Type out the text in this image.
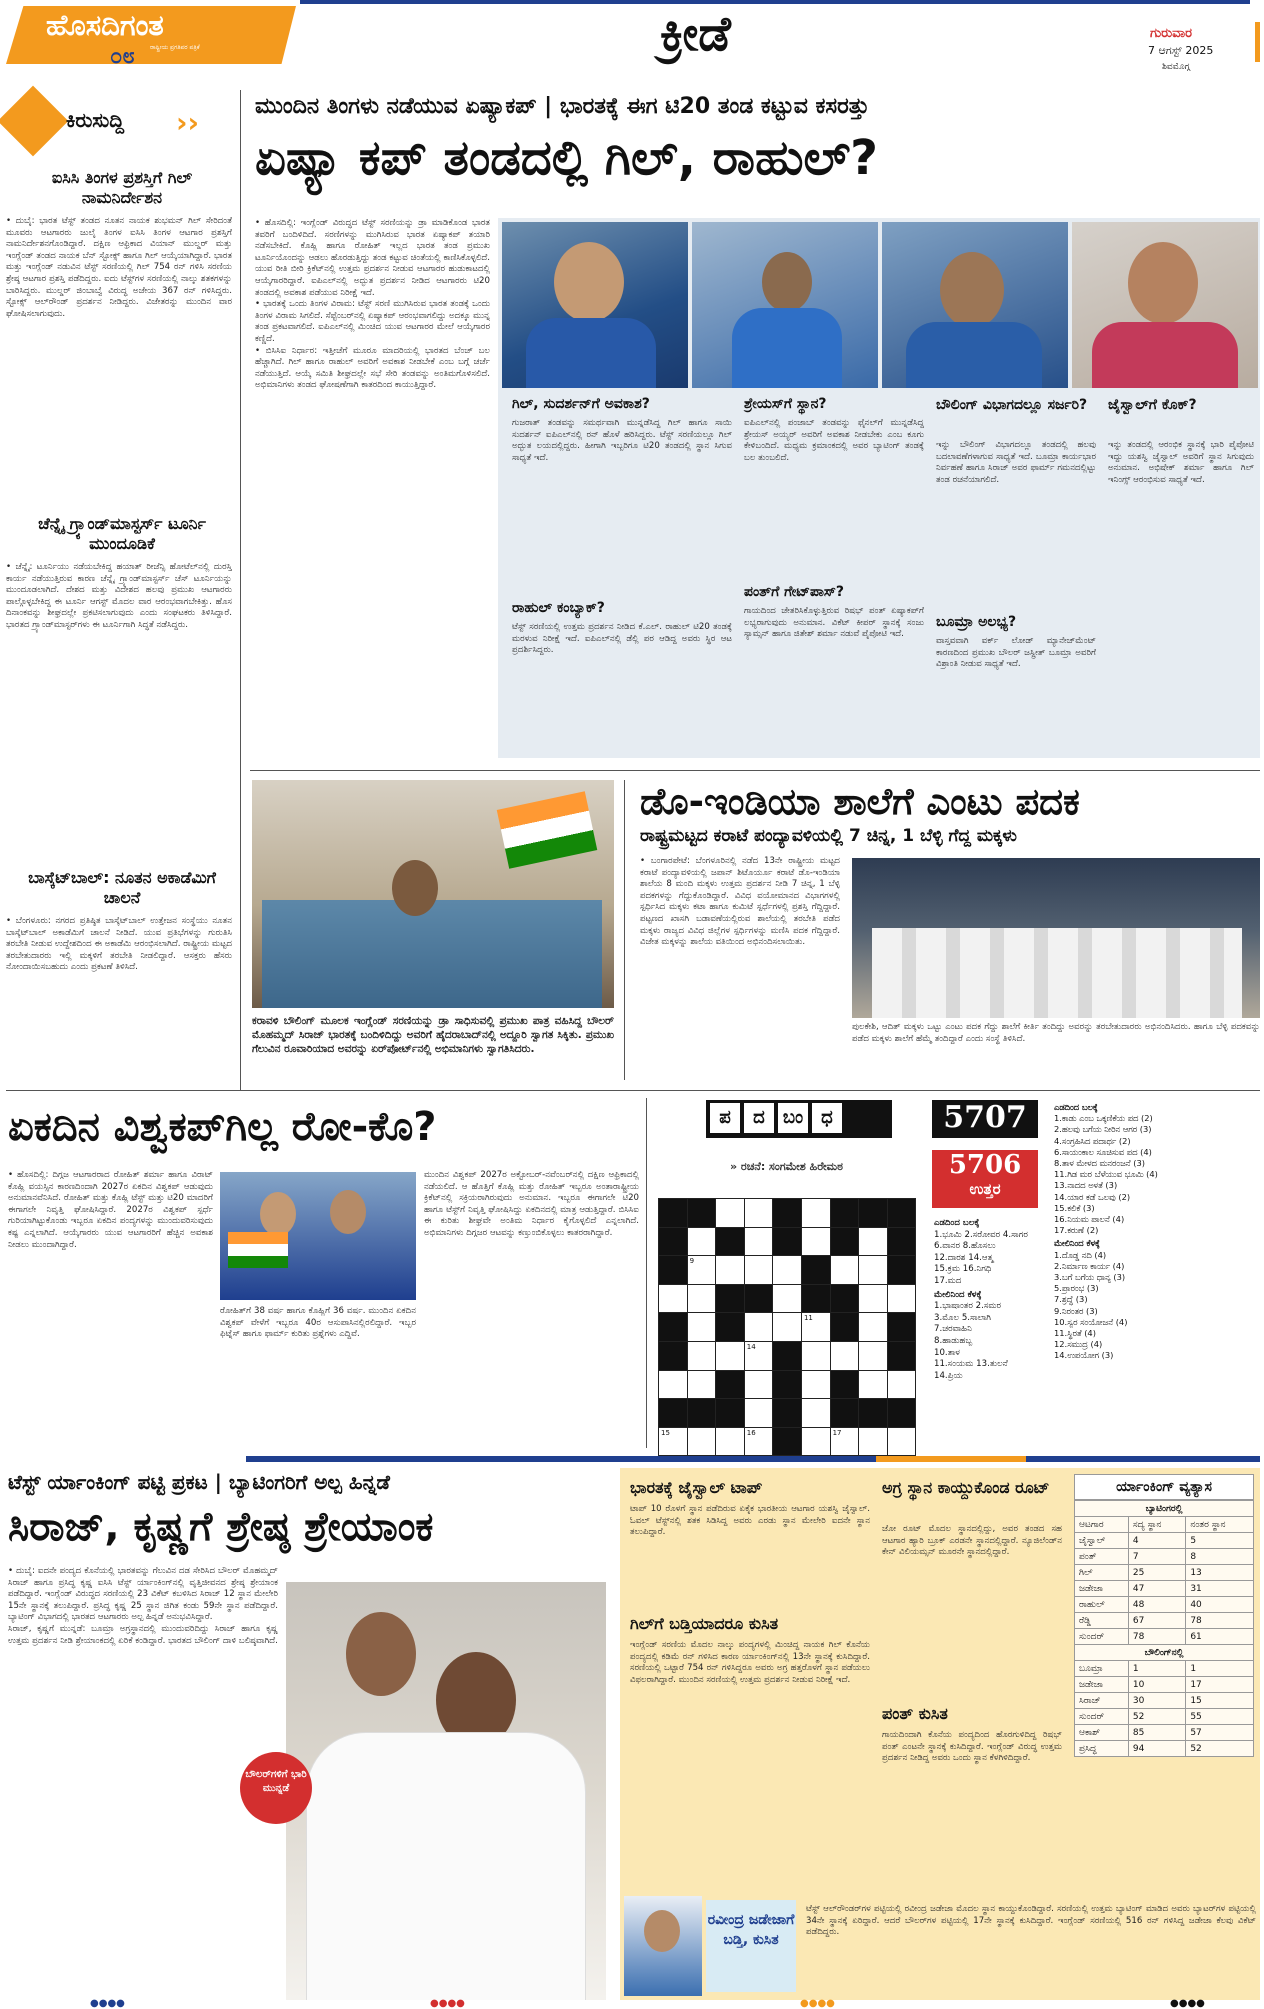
ಹೊಸದಿಗಂತ
ರಾಷ್ಟ್ರೀಯ ಪ್ರಗತಿಪರ ಪತ್ರಿಕೆ
೦೮	ಕ್ರೀಡೆ	ಗುರುವಾರ
7 ಆಗಸ್ಟ್ 2025
ಶಿವಮೊಗ್ಗ
ಕಿರುಸುದ್ದಿ ››
ಐಸಿಸಿ ತಿಂಗಳ ಪ್ರಶಸ್ತಿಗೆ ಗಿಲ್ ನಾಮನಿರ್ದೇಶನ
• ದುಬೈ: ಭಾರತ ಟೆಸ್ಟ್ ತಂಡದ ನೂತನ ನಾಯಕ ಶುಭಮನ್ ಗಿಲ್ ಸೇರಿದಂತೆ ಮೂವರು ಆಟಗಾರರು ಜುಲೈ ತಿಂಗಳ ಐಸಿಸಿ ತಿಂಗಳ ಆಟಗಾರ ಪ್ರಶಸ್ತಿಗೆ ನಾಮನಿರ್ದೇಶನಗೊಂಡಿದ್ದಾರೆ. ದಕ್ಷಿಣ ಆಫ್ರಿಕಾದ ವಿಯಾನ್ ಮುಲ್ಡರ್ ಮತ್ತು ಇಂಗ್ಲೆಂಡ್ ತಂಡದ ನಾಯಕ ಬೆನ್ ಸ್ಟೋಕ್ಸ್ ಹಾಗೂ ಗಿಲ್ ಆಯ್ಕೆಯಾಗಿದ್ದಾರೆ. ಭಾರತ ಮತ್ತು ಇಂಗ್ಲೆಂಡ್ ನಡುವಿನ ಟೆಸ್ಟ್ ಸರಣಿಯಲ್ಲಿ ಗಿಲ್ 754 ರನ್ ಗಳಿಸಿ ಸರಣಿಯ ಶ್ರೇಷ್ಠ ಆಟಗಾರ ಪ್ರಶಸ್ತಿ ಪಡೆದಿದ್ದರು. ಐದು ಟೆಸ್ಟ್‌ಗಳ ಸರಣಿಯಲ್ಲಿ ನಾಲ್ಕು ಶತಕಗಳನ್ನು ಬಾರಿಸಿದ್ದರು. ಮುಲ್ಡರ್ ಜಿಂಬಾಬ್ವೆ ವಿರುದ್ಧ ಅಜೇಯ 367 ರನ್ ಗಳಿಸಿದ್ದರು. ಸ್ಟೋಕ್ಸ್ ಆಲ್‌ರೌಂಡ್ ಪ್ರದರ್ಶನ ನೀಡಿದ್ದರು. ವಿಜೇತರನ್ನು ಮುಂದಿನ ವಾರ ಘೋಷಿಸಲಾಗುವುದು.
ಚೆನ್ನೈ ಗ್ರ್ಯಾಂಡ್‌ಮಾಸ್ಟರ್ಸ್ ಟೂರ್ನಿ ಮುಂದೂಡಿಕೆ
• ಚೆನ್ನೈ: ಟೂರ್ನಿಯು ನಡೆಯಬೇಕಿದ್ದ ಹಯಾತ್ ರೀಜೆನ್ಸಿ ಹೋಟೆಲ್‌ನಲ್ಲಿ ದುರಸ್ತಿ ಕಾರ್ಯ ನಡೆಯುತ್ತಿರುವ ಕಾರಣ ಚೆನ್ನೈ ಗ್ರ್ಯಾಂಡ್‌ಮಾಸ್ಟರ್ಸ್ ಚೆಸ್ ಟೂರ್ನಿಯನ್ನು ಮುಂದೂಡಲಾಗಿದೆ. ದೇಶದ ಮತ್ತು ವಿದೇಶದ ಹಲವು ಪ್ರಮುಖ ಆಟಗಾರರು ಪಾಲ್ಗೊಳ್ಳಬೇಕಿದ್ದ ಈ ಟೂರ್ನಿ ಆಗಸ್ಟ್ ಮೊದಲ ವಾರ ಆರಂಭವಾಗಬೇಕಿತ್ತು. ಹೊಸ ದಿನಾಂಕವನ್ನು ಶೀಘ್ರದಲ್ಲೇ ಪ್ರಕಟಿಸಲಾಗುವುದು ಎಂದು ಸಂಘಟಕರು ತಿಳಿಸಿದ್ದಾರೆ. ಭಾರತದ ಗ್ರ್ಯಾಂಡ್‌ಮಾಸ್ಟರ್‌ಗಳು ಈ ಟೂರ್ನಿಗಾಗಿ ಸಿದ್ಧತೆ ನಡೆಸಿದ್ದರು.
ಬಾಸ್ಕೆಟ್‌ಬಾಲ್: ನೂತನ ಅಕಾಡೆಮಿಗೆ ಚಾಲನೆ
• ಬೆಂಗಳೂರು: ನಗರದ ಪ್ರತಿಷ್ಠಿತ ಬಾಸ್ಕೆಟ್‌ಬಾಲ್ ಉತ್ತೇಜನ ಸಂಸ್ಥೆಯು ನೂತನ ಬಾಸ್ಕೆಟ್‌ಬಾಲ್ ಅಕಾಡೆಮಿಗೆ ಚಾಲನೆ ನೀಡಿದೆ. ಯುವ ಪ್ರತಿಭೆಗಳನ್ನು ಗುರುತಿಸಿ ತರಬೇತಿ ನೀಡುವ ಉದ್ದೇಶದಿಂದ ಈ ಅಕಾಡೆಮಿ ಆರಂಭಿಸಲಾಗಿದೆ. ರಾಷ್ಟ್ರೀಯ ಮಟ್ಟದ ತರಬೇತುದಾರರು ಇಲ್ಲಿ ಮಕ್ಕಳಿಗೆ ತರಬೇತಿ ನೀಡಲಿದ್ದಾರೆ. ಆಸಕ್ತರು ಹೆಸರು ನೋಂದಾಯಿಸಬಹುದು ಎಂದು ಪ್ರಕಟಣೆ ತಿಳಿಸಿದೆ.
ಮುಂದಿನ ತಿಂಗಳು ನಡೆಯುವ ಏಷ್ಯಾಕಪ್ | ಭಾರತಕ್ಕೆ ಈಗ ಟಿ20 ತಂಡ ಕಟ್ಟುವ ಕಸರತ್ತು
ಏಷ್ಯಾ ಕಪ್ ತಂಡದಲ್ಲಿ ಗಿಲ್, ರಾಹುಲ್?
• ಹೊಸದಿಲ್ಲಿ: ಇಂಗ್ಲೆಂಡ್ ವಿರುದ್ಧದ ಟೆಸ್ಟ್ ಸರಣಿಯನ್ನು ಡ್ರಾ ಮಾಡಿಕೊಂಡ ಭಾರತ ತವರಿಗೆ ಬಂದಿಳಿದಿದೆ. ಸರಣಿಗಳನ್ನು ಮುಗಿಸಿರುವ ಭಾರತ ಏಷ್ಯಾಕಪ್ ತಯಾರಿ ನಡೆಸಬೇಕಿದೆ. ಕೊಹ್ಲಿ ಹಾಗೂ ರೋಹಿತ್ ಇಲ್ಲದ ಭಾರತ ತಂಡ ಪ್ರಮುಖ ಟೂರ್ನಿಯೊಂದನ್ನು ಆಡಲು ಹೊರಡುತ್ತಿದ್ದು ತಂಡ ಕಟ್ಟುವ ಚಿಂತೆಯಲ್ಲಿ ಕಾಣಿಸಿಕೊಳ್ಳಲಿದೆ. ಯುವ ರೀತಿ ಬೀರಿ ಕ್ರಿಕೆಟ್‌ನಲ್ಲಿ ಉತ್ತಮ ಪ್ರದರ್ಶನ ನೀಡುವ ಆಟಗಾರರ ಹುಡುಕಾಟದಲ್ಲಿ ಆಯ್ಕೆಗಾರರಿದ್ದಾರೆ. ಐಪಿಎಲ್‌ನಲ್ಲಿ ಅದ್ಭುತ ಪ್ರದರ್ಶನ ನೀಡಿದ ಆಟಗಾರರು ಟಿ20 ತಂಡದಲ್ಲಿ ಅವಕಾಶ ಪಡೆಯುವ ನಿರೀಕ್ಷೆ ಇದೆ.
• ಭಾರತಕ್ಕೆ ಒಂದು ತಿಂಗಳ ವಿರಾಮ: ಟೆಸ್ಟ್ ಸರಣಿ ಮುಗಿಸಿರುವ ಭಾರತ ತಂಡಕ್ಕೆ ಒಂದು ತಿಂಗಳ ವಿರಾಮ ಸಿಗಲಿದೆ. ಸೆಪ್ಟೆಂಬರ್‌ನಲ್ಲಿ ಏಷ್ಯಾಕಪ್ ಆರಂಭವಾಗಲಿದ್ದು ಅದಕ್ಕೂ ಮುನ್ನ ತಂಡ ಪ್ರಕಟವಾಗಲಿದೆ. ಐಪಿಎಲ್‌ನಲ್ಲಿ ಮಿಂಚಿದ ಯುವ ಆಟಗಾರರ ಮೇಲೆ ಆಯ್ಕೆಗಾರರ ಕಣ್ಣಿದೆ.
• ಬಿಸಿಸಿಐ ನಿರ್ಧಾರ: ಇತ್ತೀಚೆಗೆ ಮೂರೂ ಮಾದರಿಯಲ್ಲಿ ಭಾರತದ ಬೆಂಚ್ ಬಲ ಹೆಚ್ಚಾಗಿದೆ. ಗಿಲ್ ಹಾಗೂ ರಾಹುಲ್ ಅವರಿಗೆ ಅವಕಾಶ ನೀಡಬೇಕೆ ಎಂಬ ಬಗ್ಗೆ ಚರ್ಚೆ ನಡೆಯುತ್ತಿದೆ. ಆಯ್ಕೆ ಸಮಿತಿ ಶೀಘ್ರದಲ್ಲೇ ಸಭೆ ಸೇರಿ ತಂಡವನ್ನು ಅಂತಿಮಗೊಳಿಸಲಿದೆ. ಅಭಿಮಾನಿಗಳು ತಂಡದ ಘೋಷಣೆಗಾಗಿ ಕಾತರದಿಂದ ಕಾಯುತ್ತಿದ್ದಾರೆ.
ಗಿಲ್, ಸುದರ್ಶನ್‌ಗೆ ಅವಕಾಶ?
ಗುಜರಾತ್ ತಂಡವನ್ನು ಸಮರ್ಥವಾಗಿ ಮುನ್ನಡೆಸಿದ್ದ ಗಿಲ್ ಹಾಗೂ ಸಾಯಿ ಸುದರ್ಶನ್ ಐಪಿಎಲ್‌ನಲ್ಲಿ ರನ್ ಹೊಳೆ ಹರಿಸಿದ್ದರು. ಟೆಸ್ಟ್ ಸರಣಿಯಲ್ಲೂ ಗಿಲ್ ಅದ್ಭುತ ಲಯದಲ್ಲಿದ್ದರು. ಹೀಗಾಗಿ ಇಬ್ಬರಿಗೂ ಟಿ20 ತಂಡದಲ್ಲಿ ಸ್ಥಾನ ಸಿಗುವ ಸಾಧ್ಯತೆ ಇದೆ.
ರಾಹುಲ್ ಕಂಬ್ಯಾಕ್?
ಟೆಸ್ಟ್ ಸರಣಿಯಲ್ಲಿ ಉತ್ತಮ ಪ್ರದರ್ಶನ ನೀಡಿದ ಕೆ.ಎಲ್. ರಾಹುಲ್ ಟಿ20 ತಂಡಕ್ಕೆ ಮರಳುವ ನಿರೀಕ್ಷೆ ಇದೆ. ಐಪಿಎಲ್‌ನಲ್ಲಿ ಡೆಲ್ಲಿ ಪರ ಆಡಿದ್ದ ಅವರು ಸ್ಥಿರ ಆಟ ಪ್ರದರ್ಶಿಸಿದ್ದರು.
ಶ್ರೇಯಸ್‌ಗೆ ಸ್ಥಾನ?
ಐಪಿಎಲ್‌ನಲ್ಲಿ ಪಂಜಾಬ್ ತಂಡವನ್ನು ಫೈನಲ್‌ಗೆ ಮುನ್ನಡೆಸಿದ್ದ ಶ್ರೇಯಸ್ ಅಯ್ಯರ್ ಅವರಿಗೆ ಅವಕಾಶ ನೀಡಬೇಕು ಎಂಬ ಕೂಗು ಕೇಳಿಬಂದಿದೆ. ಮಧ್ಯಮ ಕ್ರಮಾಂಕದಲ್ಲಿ ಅವರ ಬ್ಯಾಟಿಂಗ್ ತಂಡಕ್ಕೆ ಬಲ ತುಂಬಲಿದೆ.
ಪಂತ್‌ಗೆ ಗೇಟ್‌ಪಾಸ್?
ಗಾಯದಿಂದ ಚೇತರಿಸಿಕೊಳ್ಳುತ್ತಿರುವ ರಿಷಭ್ ಪಂತ್ ಏಷ್ಯಾಕಪ್‌ಗೆ ಲಭ್ಯರಾಗುವುದು ಅನುಮಾನ. ವಿಕೆಟ್ ಕೀಪರ್ ಸ್ಥಾನಕ್ಕೆ ಸಂಜು ಸ್ಯಾಮ್ಸನ್ ಹಾಗೂ ಜಿತೇಶ್ ಶರ್ಮಾ ನಡುವೆ ಪೈಪೋಟಿ ಇದೆ.
ಬೌಲಿಂಗ್ ವಿಭಾಗದಲ್ಲೂ ಸರ್ಜರಿ?
ಇನ್ನು ಬೌಲಿಂಗ್ ವಿಭಾಗದಲ್ಲೂ ತಂಡದಲ್ಲಿ ಹಲವು ಬದಲಾವಣೆಗಳಾಗುವ ಸಾಧ್ಯತೆ ಇದೆ. ಬೂಮ್ರಾ ಕಾರ್ಯಭಾರ ನಿರ್ವಹಣೆ ಹಾಗೂ ಸಿರಾಜ್ ಅವರ ಫಾರ್ಮ್ ಗಮನದಲ್ಲಿಟ್ಟು ತಂಡ ರಚನೆಯಾಗಲಿದೆ.
ಬೂಮ್ರಾ ಅಲಭ್ಯ?
ವಾಸ್ತವವಾಗಿ ವರ್ಕ್ ಲೋಡ್ ಮ್ಯಾನೇಜ್‌ಮೆಂಟ್ ಕಾರಣದಿಂದ ಪ್ರಮುಖ ಬೌಲರ್ ಜಸ್ಪ್ರೀತ್ ಬೂಮ್ರಾ ಅವರಿಗೆ ವಿಶ್ರಾಂತಿ ನೀಡುವ ಸಾಧ್ಯತೆ ಇದೆ.
ಜೈಸ್ವಾಲ್‌ಗೆ ಕೊಕ್?
ಇನ್ನು ತಂಡದಲ್ಲಿ ಆರಂಭಿಕ ಸ್ಥಾನಕ್ಕೆ ಭಾರಿ ಪೈಪೋಟಿ ಇದ್ದು ಯಶಸ್ವಿ ಜೈಸ್ವಾಲ್ ಅವರಿಗೆ ಸ್ಥಾನ ಸಿಗುವುದು ಅನುಮಾನ. ಅಭಿಷೇಕ್ ಶರ್ಮಾ ಹಾಗೂ ಗಿಲ್ ಇನಿಂಗ್ಸ್ ಆರಂಭಿಸುವ ಸಾಧ್ಯತೆ ಇದೆ.
ಕರಾವಳಿ ಬೌಲಿಂಗ್ ಮೂಲಕ ಇಂಗ್ಲೆಂಡ್ ಸರಣಿಯನ್ನು ಡ್ರಾ ಸಾಧಿಸುವಲ್ಲಿ ಪ್ರಮುಖ ಪಾತ್ರ ವಹಿಸಿದ್ದ ಬೌಲರ್ ಮೊಹಮ್ಮದ್ ಸಿರಾಜ್ ಭಾರತಕ್ಕೆ ಬಂದಿಳಿದಿದ್ದು ಅವರಿಗೆ ಹೈದರಾಬಾದ್‌ನಲ್ಲಿ ಅದ್ದೂರಿ ಸ್ವಾಗತ ಸಿಕ್ಕಿತು. ಪ್ರಮುಖ ಗೆಲುವಿನ ರೂವಾರಿಯಾದ ಅವರನ್ನು ಏರ್‌ಪೋರ್ಟ್‌ನಲ್ಲಿ ಅಭಿಮಾನಿಗಳು ಸ್ವಾಗತಿಸಿದರು.
ಡೊ-ಇಂಡಿಯಾ ಶಾಲೆಗೆ ಎಂಟು ಪದಕ
ರಾಷ್ಟ್ರಮಟ್ಟದ ಕರಾಟೆ ಪಂದ್ಯಾವಳಿಯಲ್ಲಿ 7 ಚಿನ್ನ, 1 ಬೆಳ್ಳಿ ಗೆದ್ದ ಮಕ್ಕಳು
• ಬಂಗಾರಪೇಟೆ: ಬೆಂಗಳೂರಿನಲ್ಲಿ ನಡೆದ 13ನೇ ರಾಷ್ಟ್ರೀಯ ಮಟ್ಟದ ಕರಾಟೆ ಪಂದ್ಯಾವಳಿಯಲ್ಲಿ ಜಪಾನ್ ಶಿಟೊರ್ಯೂ ಕರಾಟೆ ಡೊ-ಇಂಡಿಯಾ ಶಾಲೆಯ 8 ಮಂದಿ ಮಕ್ಕಳು ಉತ್ತಮ ಪ್ರದರ್ಶನ ನೀಡಿ 7 ಚಿನ್ನ, 1 ಬೆಳ್ಳಿ ಪದಕಗಳನ್ನು ಗೆದ್ದುಕೊಂಡಿದ್ದಾರೆ. ವಿವಿಧ ವಯೋಮಾನದ ವಿಭಾಗಗಳಲ್ಲಿ ಸ್ಪರ್ಧಿಸಿದ ಮಕ್ಕಳು ಕಟಾ ಹಾಗೂ ಕುಮಿಟೆ ಸ್ಪರ್ಧೆಗಳಲ್ಲಿ ಪ್ರಶಸ್ತಿ ಗೆದ್ದಿದ್ದಾರೆ. ಪಟ್ಟಣದ ಖಾಸಗಿ ಬಡಾವಣೆಯಲ್ಲಿರುವ ಶಾಲೆಯಲ್ಲಿ ತರಬೇತಿ ಪಡೆದ ಮಕ್ಕಳು ರಾಜ್ಯದ ವಿವಿಧ ಜಿಲ್ಲೆಗಳ ಸ್ಪರ್ಧಿಗಳನ್ನು ಮಣಿಸಿ ಪದಕ ಗೆದ್ದಿದ್ದಾರೆ. ವಿಜೇತ ಮಕ್ಕಳನ್ನು ಶಾಲೆಯ ವತಿಯಿಂದ ಅಭಿನಂದಿಸಲಾಯಿತು.
ಪುಲಕೇಶಿ, ಆದಿತ್ ಮಕ್ಕಳು ಒಟ್ಟು ಎಂಟು ಪದಕ ಗೆದ್ದು ಶಾಲೆಗೆ ಕೀರ್ತಿ ತಂದಿದ್ದು ಅವರನ್ನು ತರಬೇತುದಾರರು ಅಭಿನಂದಿಸಿದರು. ಹಾಗೂ ಬೆಳ್ಳಿ ಪದಕವನ್ನು ಪಡೆದ ಮಕ್ಕಳು ಶಾಲೆಗೆ ಹೆಮ್ಮೆ ತಂದಿದ್ದಾರೆ ಎಂದು ಸಂಸ್ಥೆ ತಿಳಿಸಿದೆ.
ಏಕದಿನ ವಿಶ್ವಕಪ್‌ಗಿಲ್ಲ ರೋ-ಕೊ?
• ಹೊಸದಿಲ್ಲಿ: ದಿಗ್ಗಜ ಆಟಗಾರರಾದ ರೋಹಿತ್ ಶರ್ಮಾ ಹಾಗೂ ವಿರಾಟ್ ಕೊಹ್ಲಿ ವಯಸ್ಸಿನ ಕಾರಣದಿಂದಾಗಿ 2027ರ ಏಕದಿನ ವಿಶ್ವಕಪ್ ಆಡುವುದು ಅನುಮಾನವೆನಿಸಿದೆ. ರೋಹಿತ್ ಮತ್ತು ಕೊಹ್ಲಿ ಟೆಸ್ಟ್ ಮತ್ತು ಟಿ20 ಮಾದರಿಗೆ ಈಗಾಗಲೇ ನಿವೃತ್ತಿ ಘೋಷಿಸಿದ್ದಾರೆ. 2027ರ ವಿಶ್ವಕಪ್ ಸ್ಪರ್ಧೆ ಗುರಿಯಾಗಿಟ್ಟುಕೊಂಡು ಇಬ್ಬರೂ ಏಕದಿನ ಪಂದ್ಯಗಳನ್ನು ಮುಂದುವರಿಸುವುದು ಕಷ್ಟ ಎನ್ನಲಾಗಿದೆ. ಆಯ್ಕೆಗಾರರು ಯುವ ಆಟಗಾರರಿಗೆ ಹೆಚ್ಚಿನ ಅವಕಾಶ ನೀಡಲು ಮುಂದಾಗಿದ್ದಾರೆ.
ರೋಹಿತ್‌ಗೆ 38 ವರ್ಷ ಹಾಗೂ ಕೊಹ್ಲಿಗೆ 36 ವರ್ಷ. ಮುಂದಿನ ಏಕದಿನ ವಿಶ್ವಕಪ್ ವೇಳೆಗೆ ಇಬ್ಬರೂ 40ರ ಆಸುಪಾಸಿನಲ್ಲಿರಲಿದ್ದಾರೆ. ಇಬ್ಬರ ಫಿಟ್ನೆಸ್ ಹಾಗೂ ಫಾರ್ಮ್ ಕುರಿತು ಪ್ರಶ್ನೆಗಳು ಎದ್ದಿವೆ.
ಮುಂದಿನ ವಿಶ್ವಕಪ್ 2027ರ ಅಕ್ಟೋಬರ್-ನವೆಂಬರ್‌ನಲ್ಲಿ ದಕ್ಷಿಣ ಆಫ್ರಿಕಾದಲ್ಲಿ ನಡೆಯಲಿದೆ. ಆ ಹೊತ್ತಿಗೆ ಕೊಹ್ಲಿ ಮತ್ತು ರೋಹಿತ್ ಇಬ್ಬರೂ ಅಂತಾರಾಷ್ಟ್ರೀಯ ಕ್ರಿಕೆಟ್‌ನಲ್ಲಿ ಸಕ್ರಿಯರಾಗಿರುವುದು ಅನುಮಾನ. ಇಬ್ಬರೂ ಈಗಾಗಲೇ ಟಿ20 ಹಾಗೂ ಟೆಸ್ಟ್‌ಗೆ ನಿವೃತ್ತಿ ಘೋಷಿಸಿದ್ದು ಏಕದಿನದಲ್ಲಿ ಮಾತ್ರ ಆಡುತ್ತಿದ್ದಾರೆ. ಬಿಸಿಸಿಐ ಈ ಕುರಿತು ಶೀಘ್ರವೇ ಅಂತಿಮ ನಿರ್ಧಾರ ಕೈಗೊಳ್ಳಲಿದೆ ಎನ್ನಲಾಗಿದೆ. ಅಭಿಮಾನಿಗಳು ದಿಗ್ಗಜರ ಆಟವನ್ನು ಕಣ್ತುಂಬಿಕೊಳ್ಳಲು ಕಾತರರಾಗಿದ್ದಾರೆ.
ಪ ದ ಬಂ ಧ	5707
» ರಚನೆ: ಸಂಗಮೇಶ ಹಿರೇಮಠ	5706
ಉತ್ತರ

	9							

					11			

			14					

15			16			17		

ಎಡದಿಂದ ಬಲಕ್ಕೆ
1.ಭೂಮಿ 2.ಸರೋವರ 4.ಸಾಗರ
6.ವಾನರ 8.ಹೊಸಲು
12.ದಾರಶ 14.ಆತ್ಮ
15.ಕ್ರಮ 16.ನಿಗಧಿ
17.ಮದ
ಮೇಲಿನಿಂದ ಕೆಳಕ್ಕೆ
1.ಭಾಷಾಂತರ 2.ಸಮರ
3.ಮೊಲ 5.ಸಾಲಾಗಿ
7.ಚರವಾಹಿನಿ
8.ಹಾಡುಹಬ್ಬ
10.ತಾಳ
11.ಸಂಯಮ 13.ತುಲನೆ
14.ಪ್ರಿಯ
ಎಡದಿಂದ ಬಲಕ್ಕೆ
1.ಕಾಡು ಎಂಬ ಒಕ್ಕಣಿಕೆಯ ಪದ (2)
2.ಹಲವು ಬಗೆಯ ನೀರಿನ ಆಗರ (3)
4.ಸಂಗ್ರಹಿಸಿದ ಪದಾರ್ಥ (2)
6.ಸಾಯಂಕಾಲ ಸೂಚಿಸುವ ಪದ (4)
8.ತಾಳ ಮೇಳದ ಮನರಂಜನೆ (3)
11.ಗಿಡ ಮರ ಬೆಳೆಯುವ ಭೂಮಿ (4)
13.ನಾದದ ಅಳತೆ (3)
14.ಯಾರ ಕಡೆ ಒಲವು (2)
15.ಕಲಿಕೆ (3)
16.ನಿಯಮ ಪಾಲನೆ (4)
17.ಕರುಣೆ (2)
ಮೇಲಿನಿಂದ ಕೆಳಕ್ಕೆ
1.ದೊಡ್ಡ ನದಿ (4)
2.ನಿರ್ಮಾಣ ಕಾರ್ಯ (4)
3.ಬಗೆ ಬಗೆಯ ಧಾನ್ಯ (3)
5.ಪ್ರಾರಂಭ (3)
7.ಶ್ರದ್ಧೆ (3)
9.ನಿರಂತರ (3)
10.ಸ್ವರ ಸಂಯೋಜನೆ (4)
11.ಸ್ಥಿರತೆ (4)
12.ಸಮುದ್ರ (4)
14.ಉಪಯೋಗ (3)
ಟೆಸ್ಟ್ ರ್ಯಾಂಕಿಂಗ್ ಪಟ್ಟಿ ಪ್ರಕಟ | ಬ್ಯಾಟಿಂಗರಿಗೆ ಅಲ್ಪ ಹಿನ್ನಡೆ
ಸಿರಾಜ್, ಕೃಷ್ಣಗೆ ಶ್ರೇಷ್ಠ ಶ್ರೇಯಾಂಕ
• ದುಬೈ: ಐದನೇ ಪಂದ್ಯದ ಕೊನೆಯಲ್ಲಿ ಭಾರತವನ್ನು ಗೆಲುವಿನ ದಡ ಸೇರಿಸಿದ ಬೌಲರ್ ಮೊಹಮ್ಮದ್ ಸಿರಾಜ್ ಹಾಗೂ ಪ್ರಸಿದ್ಧ ಕೃಷ್ಣ ಐಸಿಸಿ ಟೆಸ್ಟ್ ರ್ಯಾಂಕಿಂಗ್‌ನಲ್ಲಿ ವೃತ್ತಿಜೀವನದ ಶ್ರೇಷ್ಠ ಶ್ರೇಯಾಂಕ ಪಡೆದಿದ್ದಾರೆ. ಇಂಗ್ಲೆಂಡ್ ವಿರುದ್ಧದ ಸರಣಿಯಲ್ಲಿ 23 ವಿಕೆಟ್ ಕಬಳಿಸಿದ ಸಿರಾಜ್ 12 ಸ್ಥಾನ ಮೇಲೇರಿ 15ನೇ ಸ್ಥಾನಕ್ಕೆ ತಲುಪಿದ್ದಾರೆ. ಪ್ರಸಿದ್ಧ ಕೃಷ್ಣ 25 ಸ್ಥಾನ ಜಿಗಿತ ಕಂಡು 59ನೇ ಸ್ಥಾನ ಪಡೆದಿದ್ದಾರೆ. ಬ್ಯಾಟಿಂಗ್ ವಿಭಾಗದಲ್ಲಿ ಭಾರತದ ಆಟಗಾರರು ಅಲ್ಪ ಹಿನ್ನಡೆ ಅನುಭವಿಸಿದ್ದಾರೆ.
ಸಿರಾಜ್, ಕೃಷ್ಣಗೆ ಮುನ್ನಡೆ: ಬೂಮ್ರಾ ಅಗ್ರಸ್ಥಾನದಲ್ಲಿ ಮುಂದುವರಿದಿದ್ದು ಸಿರಾಜ್ ಹಾಗೂ ಕೃಷ್ಣ ಉತ್ತಮ ಪ್ರದರ್ಶನ ನೀಡಿ ಶ್ರೇಯಾಂಕದಲ್ಲಿ ಏರಿಕೆ ಕಂಡಿದ್ದಾರೆ. ಭಾರತದ ಬೌಲಿಂಗ್ ದಾಳಿ ಬಲಿಷ್ಠವಾಗಿದೆ.
ಬೌಲರ್‌ಗಳಿಗೆ ಭಾರಿ ಮುನ್ನಡೆ
ಭಾರತಕ್ಕೆ ಜೈಸ್ವಾಲ್ ಟಾಪ್
ಟಾಪ್ 10 ರೊಳಗೆ ಸ್ಥಾನ ಪಡೆದಿರುವ ಏಕೈಕ ಭಾರತೀಯ ಆಟಗಾರ ಯಶಸ್ವಿ ಜೈಸ್ವಾಲ್. ಓವಲ್ ಟೆಸ್ಟ್‌ನಲ್ಲಿ ಶತಕ ಸಿಡಿಸಿದ್ದ ಅವರು ಎರಡು ಸ್ಥಾನ ಮೇಲೇರಿ ಐದನೇ ಸ್ಥಾನ ತಲುಪಿದ್ದಾರೆ.
ಗಿಲ್‌ಗೆ ಬಡ್ತಿಯಾದರೂ ಕುಸಿತ
ಇಂಗ್ಲೆಂಡ್ ಸರಣಿಯ ಮೊದಲ ನಾಲ್ಕು ಪಂದ್ಯಗಳಲ್ಲಿ ಮಿಂಚಿದ್ದ ನಾಯಕ ಗಿಲ್ ಕೊನೆಯ ಪಂದ್ಯದಲ್ಲಿ ಕಡಿಮೆ ರನ್ ಗಳಿಸಿದ ಕಾರಣ ರ್ಯಾಂಕಿಂಗ್‌ನಲ್ಲಿ 13ನೇ ಸ್ಥಾನಕ್ಕೆ ಕುಸಿದಿದ್ದಾರೆ. ಸರಣಿಯಲ್ಲಿ ಒಟ್ಟಾರೆ 754 ರನ್ ಗಳಿಸಿದ್ದರೂ ಅವರು ಅಗ್ರ ಹತ್ತರೊಳಗೆ ಸ್ಥಾನ ಪಡೆಯಲು ವಿಫಲರಾಗಿದ್ದಾರೆ. ಮುಂದಿನ ಸರಣಿಯಲ್ಲಿ ಉತ್ತಮ ಪ್ರದರ್ಶನ ನೀಡುವ ನಿರೀಕ್ಷೆ ಇದೆ.
ಅಗ್ರ ಸ್ಥಾನ ಕಾಯ್ದುಕೊಂಡ ರೂಟ್
ಜೋ ರೂಟ್ ಮೊದಲ ಸ್ಥಾನದಲ್ಲಿದ್ದು, ಅವರ ತಂಡದ ಸಹ ಆಟಗಾರ ಹ್ಯಾರಿ ಬ್ರೂಕ್ ಎರಡನೇ ಸ್ಥಾನದಲ್ಲಿದ್ದಾರೆ. ನ್ಯೂಜಿಲೆಂಡ್‌ನ ಕೇನ್ ವಿಲಿಯಮ್ಸನ್ ಮೂರನೇ ಸ್ಥಾನದಲ್ಲಿದ್ದಾರೆ.
ಪಂತ್ ಕುಸಿತ
ಗಾಯದಿಂದಾಗಿ ಕೊನೆಯ ಪಂದ್ಯದಿಂದ ಹೊರಗುಳಿದಿದ್ದ ರಿಷಭ್ ಪಂತ್ ಎಂಟನೇ ಸ್ಥಾನಕ್ಕೆ ಕುಸಿದಿದ್ದಾರೆ. ಇಂಗ್ಲೆಂಡ್ ವಿರುದ್ಧ ಉತ್ತಮ ಪ್ರದರ್ಶನ ನೀಡಿದ್ದ ಅವರು ಒಂದು ಸ್ಥಾನ ಕೆಳಗಿಳಿದಿದ್ದಾರೆ.
ರ್ಯಾಂಕಿಂಗ್ ವ್ಯತ್ಯಾಸ
ಬ್ಯಾಟಿಂಗರಲ್ಲಿ		
ಆಟಗಾರ	ಸದ್ಯ ಸ್ಥಾನ	ನಂತರ ಸ್ಥಾನ
ಜೈಸ್ವಾಲ್	4	5
ಪಂತ್	7	8
ಗಿಲ್	25	13
ಜಡೇಜಾ	47	31
ರಾಹುಲ್	48	40
ರೆಡ್ಡಿ	67	78
ಸುಂದರ್	78	61
ಬೌಲಿಂಗ್‌ನಲ್ಲಿ		
ಬೂಮ್ರಾ	1	1
ಜಡೇಜಾ	10	17
ಸಿರಾಜ್	30	15
ಸುಂದರ್	52	55
ಆಕಾಶ್	85	57
ಪ್ರಸಿದ್ಧ	94	52
ರವೀಂದ್ರ ಜಡೇಜಾಗೆ ಬಡ್ತಿ, ಕುಸಿತ
ಟೆಸ್ಟ್ ಆಲ್‌ರೌಂಡರ್‌ಗಳ ಪಟ್ಟಿಯಲ್ಲಿ ರವೀಂದ್ರ ಜಡೇಜಾ ಮೊದಲ ಸ್ಥಾನ ಕಾಯ್ದುಕೊಂಡಿದ್ದಾರೆ. ಸರಣಿಯಲ್ಲಿ ಉತ್ತಮ ಬ್ಯಾಟಿಂಗ್ ಮಾಡಿದ ಅವರು ಬ್ಯಾಟರ್‌ಗಳ ಪಟ್ಟಿಯಲ್ಲಿ 34ನೇ ಸ್ಥಾನಕ್ಕೆ ಏರಿದ್ದಾರೆ. ಆದರೆ ಬೌಲರ್‌ಗಳ ಪಟ್ಟಿಯಲ್ಲಿ 17ನೇ ಸ್ಥಾನಕ್ಕೆ ಕುಸಿದಿದ್ದಾರೆ. ಇಂಗ್ಲೆಂಡ್ ಸರಣಿಯಲ್ಲಿ 516 ರನ್ ಗಳಿಸಿದ್ದ ಜಡೇಜಾ ಕೆಲವು ವಿಕೆಟ್ ಪಡೆದಿದ್ದರು.
●●●●	●●●●	●●●●	●●●●
